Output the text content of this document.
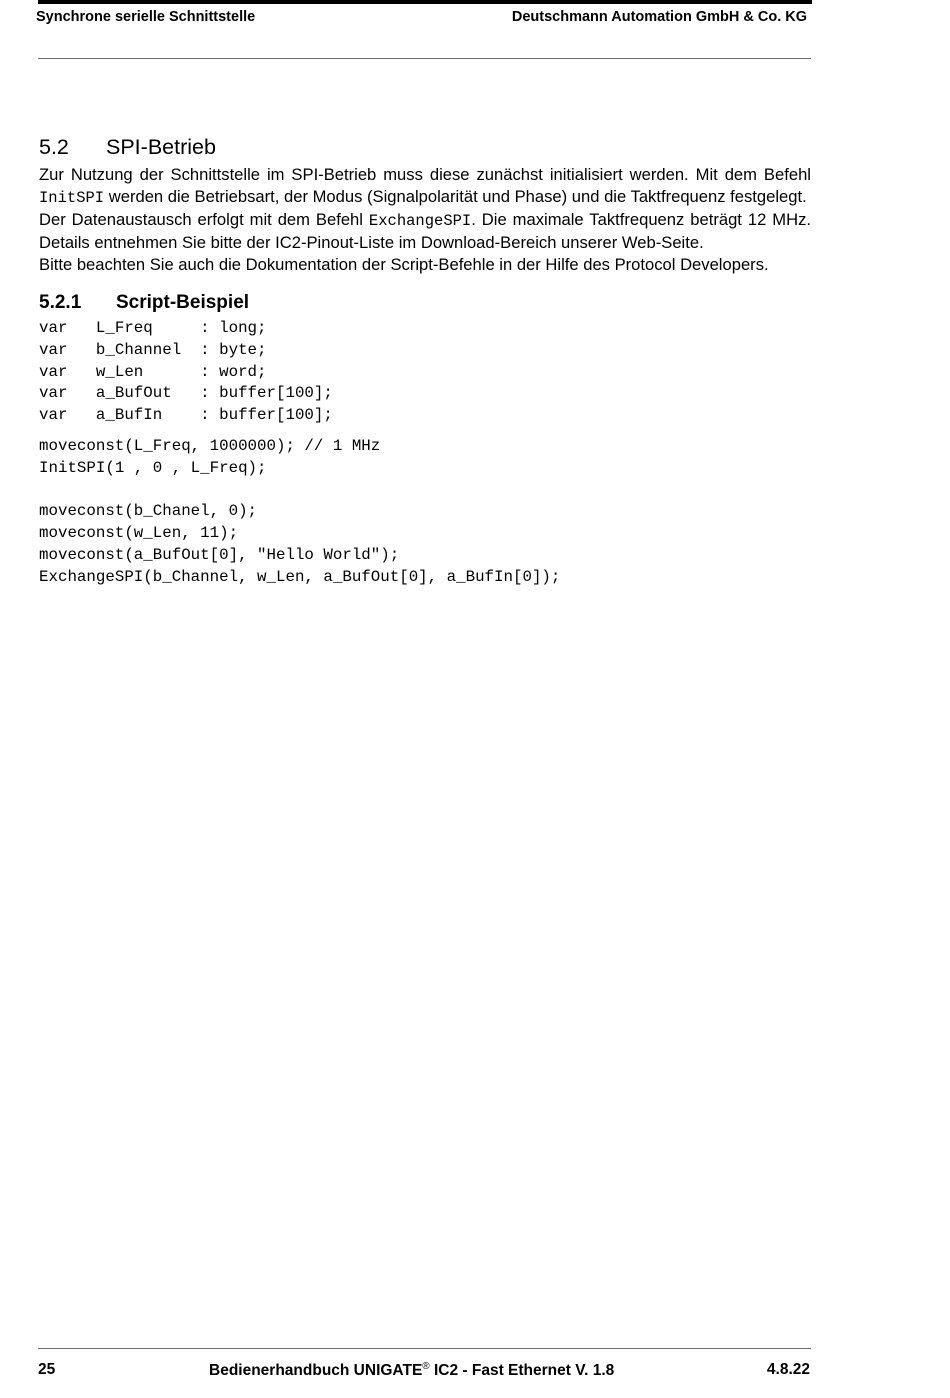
Synchrone serielle Schnittstelle	Deutschmann Automation GmbH & Co. KG
5.2 SPI-Betrieb

Zur Nutzung der Schnittstelle im SPI-Betrieb muss diese zunächst initialisiert werden. Mit dem Befehl InitSPI werden die Betriebsart, der Modus (Signalpolarität und Phase) und die Taktfrequenz festgelegt.

Der Datenaustausch erfolgt mit dem Befehl ExchangeSPI. Die maximale Taktfrequenz beträgt 12 MHz. Details entnehmen Sie bitte der IC2-Pinout-Liste im Download-Bereich unserer Web-Seite.

Bitte beachten Sie auch die Dokumentation der Script-Befehle in der Hilfe des Protocol Developers.

5.2.1 Script-Beispiel
var   L_Freq     : long;
var   b_Channel  : byte;
var   w_Len      : word;
var   a_BufOut   : buffer[100];
var   a_BufIn    : buffer[100];
moveconst(L_Freq, 1000000); // 1 MHz
InitSPI(1 , 0 , L_Freq);

moveconst(b_Chanel, 0);
moveconst(w_Len, 11);
moveconst(a_BufOut[0], "Hello World");
ExchangeSPI(b_Channel, w_Len, a_BufOut[0], a_BufIn[0]);
25	Bedienerhandbuch UNIGATE® IC2 - Fast Ethernet V. 1.8	4.8.22
